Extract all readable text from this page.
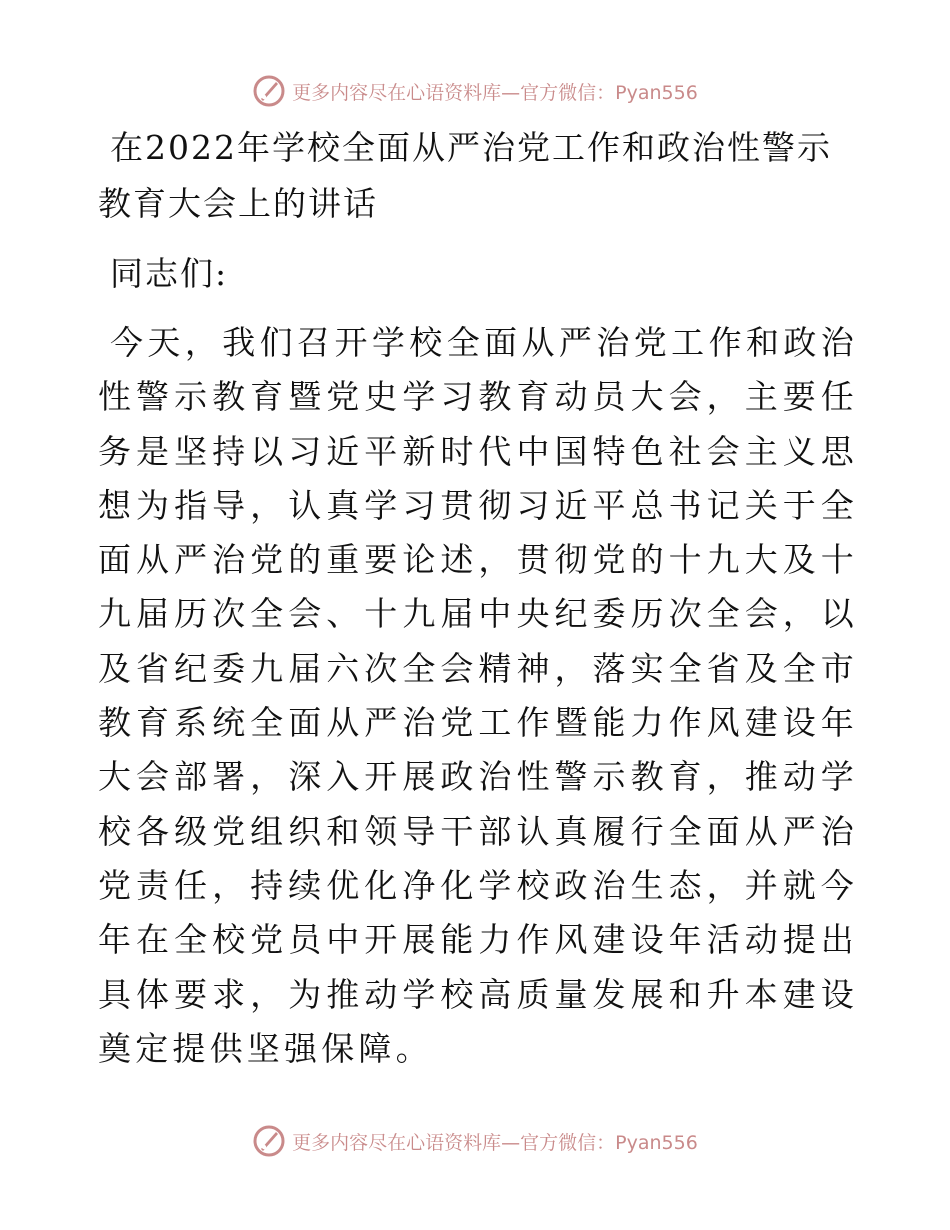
更多内容尽在心语资料库—官方微信：Pyan556
在2022年学校全面从严治党工作和政治性警示教育大会上的讲话
同志们:
今天，我们召开学校全面从严治党工作和政治性警示教育暨党史学习教育动员大会，主要任务是坚持以习近平新时代中国特色社会主义思想为指导，认真学习贯彻习近平总书记关于全面从严治党的重要论述，贯彻党的十九大及十九届历次全会、十九届中央纪委历次全会，以及省纪委九届六次全会精神，落实全省及全市教育系统全面从严治党工作暨能力作风建设年大会部署，深入开展政治性警示教育，推动学校各级党组织和领导干部认真履行全面从严治党责任，持续优化净化学校政治生态，并就今年在全校党员中开展能力作风建设年活动提出具体要求，为推动学校高质量发展和升本建设奠定提供坚强保障。
更多内容尽在心语资料库—官方微信：Pyan556
